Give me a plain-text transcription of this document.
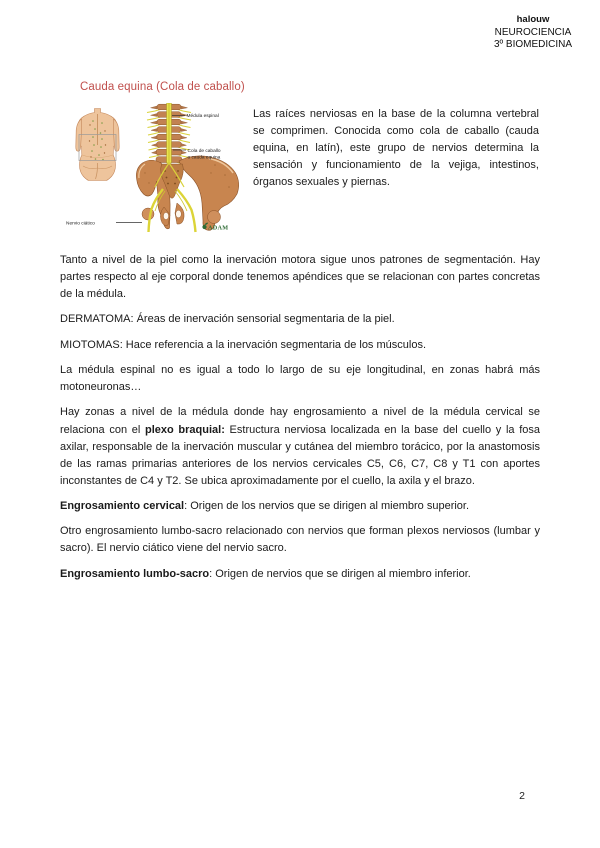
halouw
NEUROCIENCIA
3º BIOMEDICINA
Cauda equina (Cola de caballo)
Médula espinal
Cola de caballo
o cauda equina
Nervio ciático
ADAM
Las raíces nerviosas en la base de la columna vertebral se comprimen. Conocida como cola de caballo (cauda equina, en latín), este grupo de nervios determina la sensación y funcionamiento de la vejiga, intestinos, órganos sexuales y piernas.

Tanto a nivel de la piel como la inervación motora sigue unos patrones de segmentación. Hay partes respecto al eje corporal donde tenemos apéndices que se relacionan con partes concretas de la médula.

DERMATOMA: Áreas de inervación sensorial segmentaria de la piel.

MIOTOMAS: Hace referencia a la inervación segmentaria de los músculos.

La médula espinal no es igual a todo lo largo de su eje longitudinal, en zonas habrá más motoneuronas…

Hay zonas a nivel de la médula donde hay engrosamiento a nivel de la médula cervical se relaciona con el plexo braquial: Estructura nerviosa localizada en la base del cuello y la fosa axilar, responsable de la inervación muscular y cutánea del miembro torácico, por la anastomosis de las ramas primarias anteriores de los nervios cervicales C5, C6, C7, C8 y T1 con aportes inconstantes de C4 y T2. Se ubica aproximadamente por el cuello, la axila y el brazo.

Engrosamiento cervical: Origen de los nervios que se dirigen al miembro superior.

Otro engrosamiento lumbo-sacro relacionado con nervios que forman plexos nerviosos (lumbar y sacro). El nervio ciático viene del nervio sacro.

Engrosamiento lumbo-sacro: Origen de nervios que se dirigen al miembro inferior.

2
